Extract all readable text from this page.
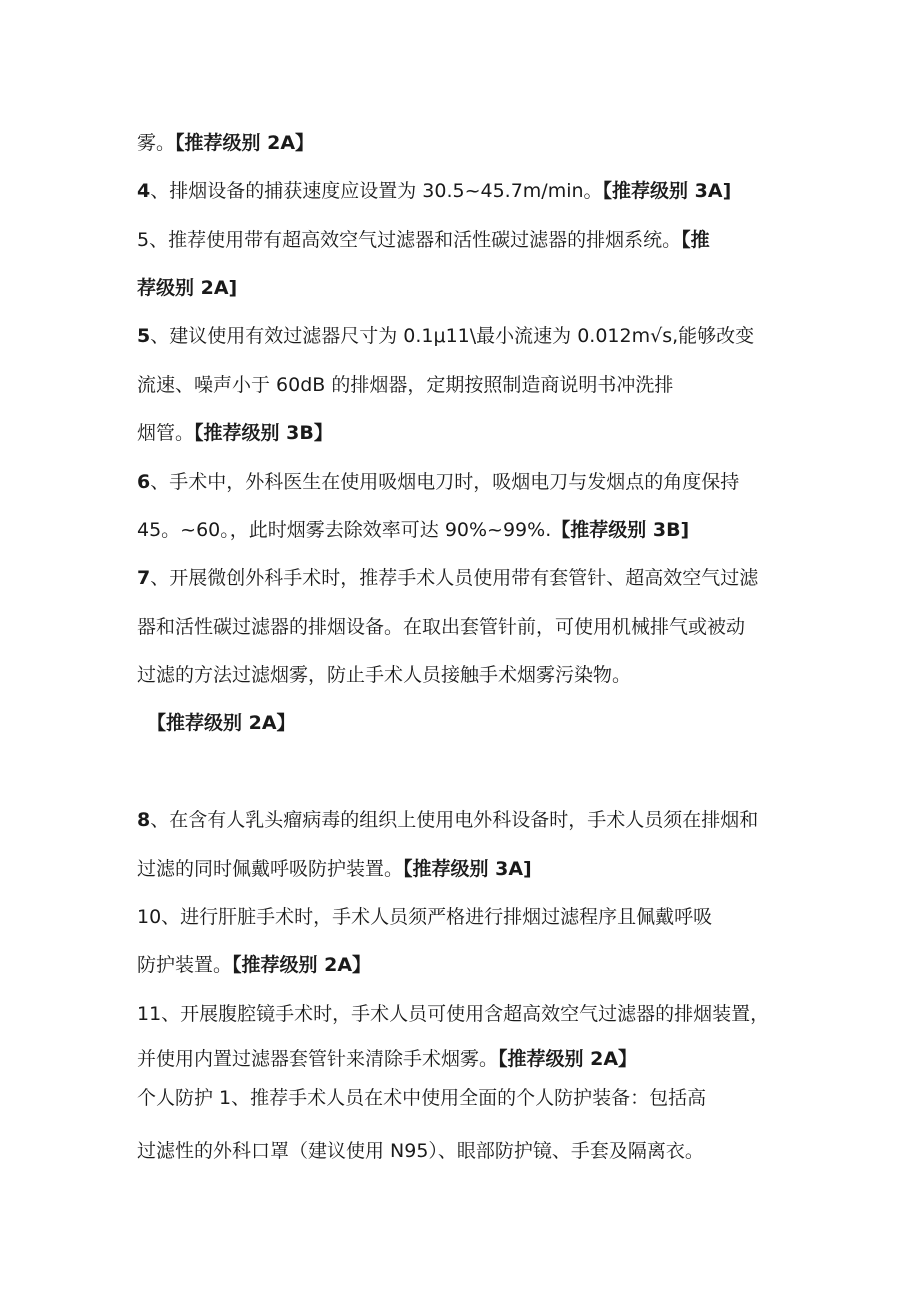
雾。【推荐级别 2A】
4、排烟设备的捕获速度应设置为 30.5~45.7m/min。【推荐级别 3A]
5、推荐使用带有超高效空气过滤器和活性碳过滤器的排烟系统。【推
荐级别 2A]
5、建议使用有效过滤器尺寸为 0.1μ11\最小流速为 0.012m√s,能够改变
流速、噪声小于 60dB 的排烟器，定期按照制造商说明书冲洗排
烟管。【推荐级别 3B】
6、手术中，外科医生在使用吸烟电刀时，吸烟电刀与发烟点的角度保持
45。~60。，此时烟雾去除效率可达 90%~99%.【推荐级别 3B]
7、开展微创外科手术时，推荐手术人员使用带有套管针、超高效空气过滤
器和活性碳过滤器的排烟设备。在取出套管针前，可使用机械排气或被动
过滤的方法过滤烟雾，防止手术人员接触手术烟雾污染物。
【推荐级别 2A】
8、在含有人乳头瘤病毒的组织上使用电外科设备时，手术人员须在排烟和
过滤的同时佩戴呼吸防护装置。【推荐级别 3A]
10、进行肝脏手术时，手术人员须严格进行排烟过滤程序且佩戴呼吸
防护装置。【推荐级别 2A】
11、开展腹腔镜手术时，手术人员可使用含超高效空气过滤器的排烟装置，
并使用内置过滤器套管针来清除手术烟雾。【推荐级别 2A】
个人防护 1、推荐手术人员在术中使用全面的个人防护装备：包括高
过滤性的外科口罩（建议使用 N95）、眼部防护镜、手套及隔离衣。
